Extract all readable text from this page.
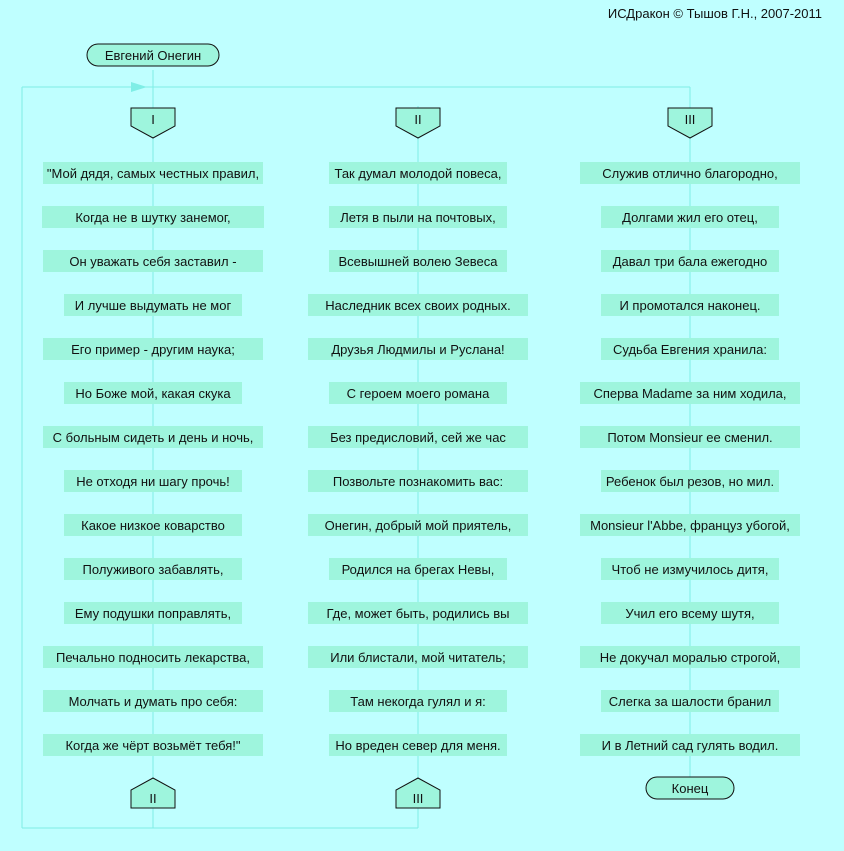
ИСДракон © Тышов Г.Н., 2007-2011
Евгений Онегин
I
"Мой дядя, самых честных правил,
Когда не в шутку занемог,
Он уважать себя заставил -
И лучше выдумать не мог
Его пример - другим наука;
Но Боже мой, какая скука
С больным сидеть и день и ночь,
Не отходя ни шагу прочь!
Какое низкое коварство
Полуживого забавлять,
Ему подушки поправлять,
Печально подносить лекарства,
Молчать и думать про себя:
Когда же чёрт возьмёт тебя!"
II
II
Так думал молодой повеса,
Летя в пыли на почтовых,
Всевышней волею Зевеса
Наследник всех своих родных.
Друзья Людмилы и Руслана!
С героем моего романа
Без предисловий, сей же час
Позвольте познакомить вас:
Онегин, добрый мой приятель,
Родился на брегах Невы,
Где, может быть, родились вы
Или блистали, мой читатель;
Там некогда гулял и я:
Но вреден север для меня.
III
III
Служив отлично благородно,
Долгами жил его отец,
Давал три бала ежегодно
И промотался наконец.
Судьба Евгения хранила:
Сперва Madame за ним ходила,
Потом Monsieur ее сменил.
Ребенок был резов, но мил.
Monsieur l'Abbe, француз убогой,
Чтоб не измучилось дитя,
Учил его всему шутя,
Не докучал моралью строгой,
Слегка за шалости бранил
И в Летний сад гулять водил.
Конец
